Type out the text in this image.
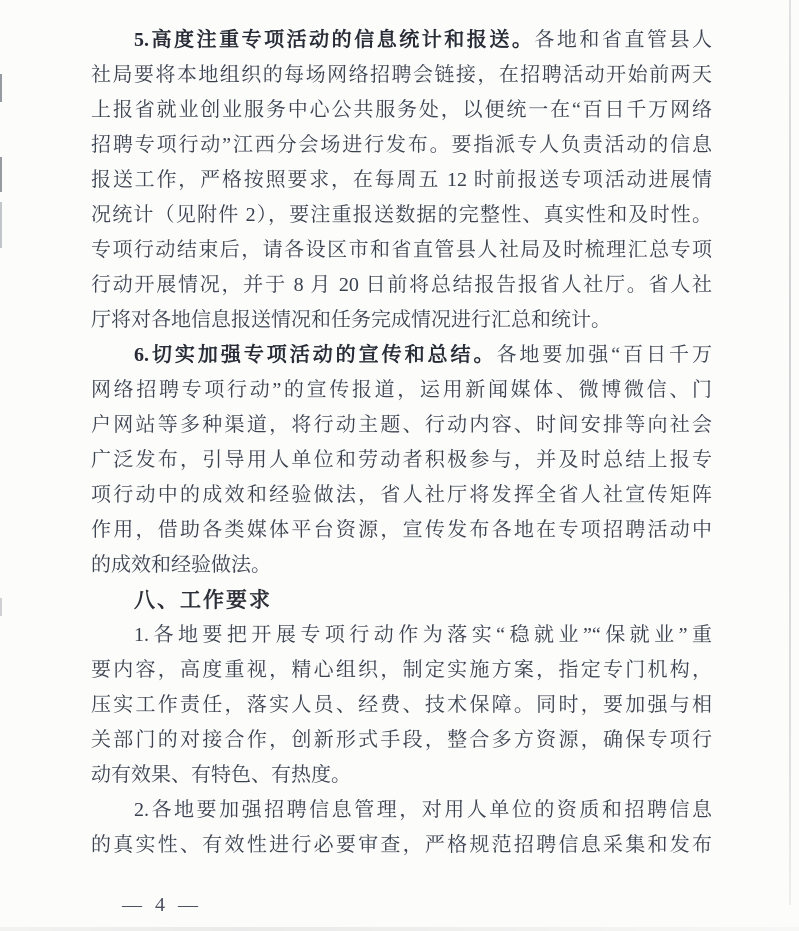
5.高度注重专项活动的信息统计和报送。各地和省直管县人
社局要将本地组织的每场网络招聘会链接，在招聘活动开始前两天
上报省就业创业服务中心公共服务处，以便统一在“百日千万网络
招聘专项行动”江西分会场进行发布。要指派专人负责活动的信息
报送工作，严格按照要求，在每周五 12 时前报送专项活动进展情
况统计（见附件 2），要注重报送数据的完整性、真实性和及时性。
专项行动结束后，请各设区市和省直管县人社局及时梳理汇总专项
行动开展情况，并于 8 月 20 日前将总结报告报省人社厅。省人社
厅将对各地信息报送情况和任务完成情况进行汇总和统计。
6.切实加强专项活动的宣传和总结。各地要加强“百日千万
网络招聘专项行动”的宣传报道，运用新闻媒体、微博微信、门
户网站等多种渠道，将行动主题、行动内容、时间安排等向社会
广泛发布，引导用人单位和劳动者积极参与，并及时总结上报专
项行动中的成效和经验做法，省人社厅将发挥全省人社宣传矩阵
作用，借助各类媒体平台资源，宣传发布各地在专项招聘活动中
的成效和经验做法。
八、工作要求
1.各地要把开展专项行动作为落实“稳就业”“保就业”重
要内容，高度重视，精心组织，制定实施方案，指定专门机构，
压实工作责任，落实人员、经费、技术保障。同时，要加强与相
关部门的对接合作，创新形式手段，整合多方资源，确保专项行
动有效果、有特色、有热度。
2.各地要加强招聘信息管理，对用人单位的资质和招聘信息
的真实性、有效性进行必要审查，严格规范招聘信息采集和发布
— 4 —
